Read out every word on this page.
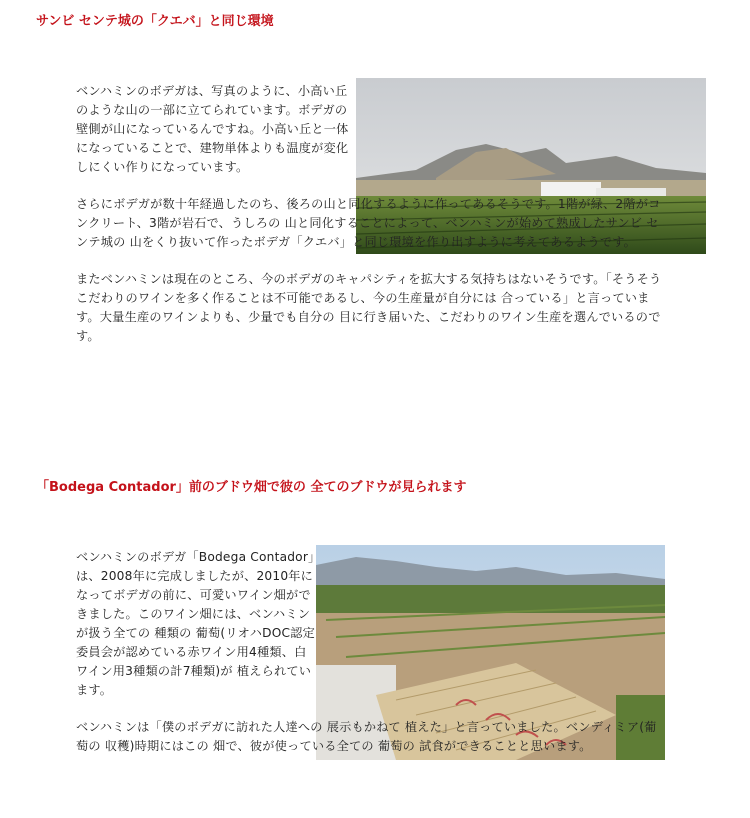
サンビ センテ城の「クエバ」と同じ環境

ベンハミンのボデガは、写真のように、小高い丘のような山の一部に立てられています。ボデガの壁側が山になっているんですね。小高い丘と一体になっていることで、建物単体よりも温度が変化しにくい作りになっています。

さらにボデガが数十年経過したのち、後ろの山と同化するように作ってあるそうです。1階が緑、2階がコンクリート、3階が岩石で、うしろの 山と同化することによって、ベンハミンが始めて熟成したサンビ センテ城の 山をくり抜いて作ったボデガ「クエバ」と同じ環境を作り出すように考えてあるようです。

またベンハミンは現在のところ、今のボデガのキャパシティを拡大する気持ちはないそうです。「そうそうこだわりのワインを多く作ることは不可能であるし、今の生産量が自分には 合っている」と言っています。大量生産のワインよりも、少量でも自分の 目に行き届いた、こだわりのワイン生産を選んでいるのです。

「Bodega Contador」前のブドウ畑で彼の 全てのブドウが見られます

ベンハミンのボデガ「Bodega Contador」は、2008年に完成しましたが、2010年になってボデガの前に、可愛いワイン畑ができました。このワイン畑には、ベンハミンが扱う全ての 種類の 葡萄(リオハDOC認定委員会が認めている赤ワイン用4種類、白ワイン用3種類の計7種類)が 植えられています。

ベンハミンは「僕のボデガに訪れた人達への 展示もかねて 植えた」と言っていました。ベンディミア(葡萄の 収穫)時期にはこの 畑で、彼が使っている全ての 葡萄の 試食ができることと思います。
